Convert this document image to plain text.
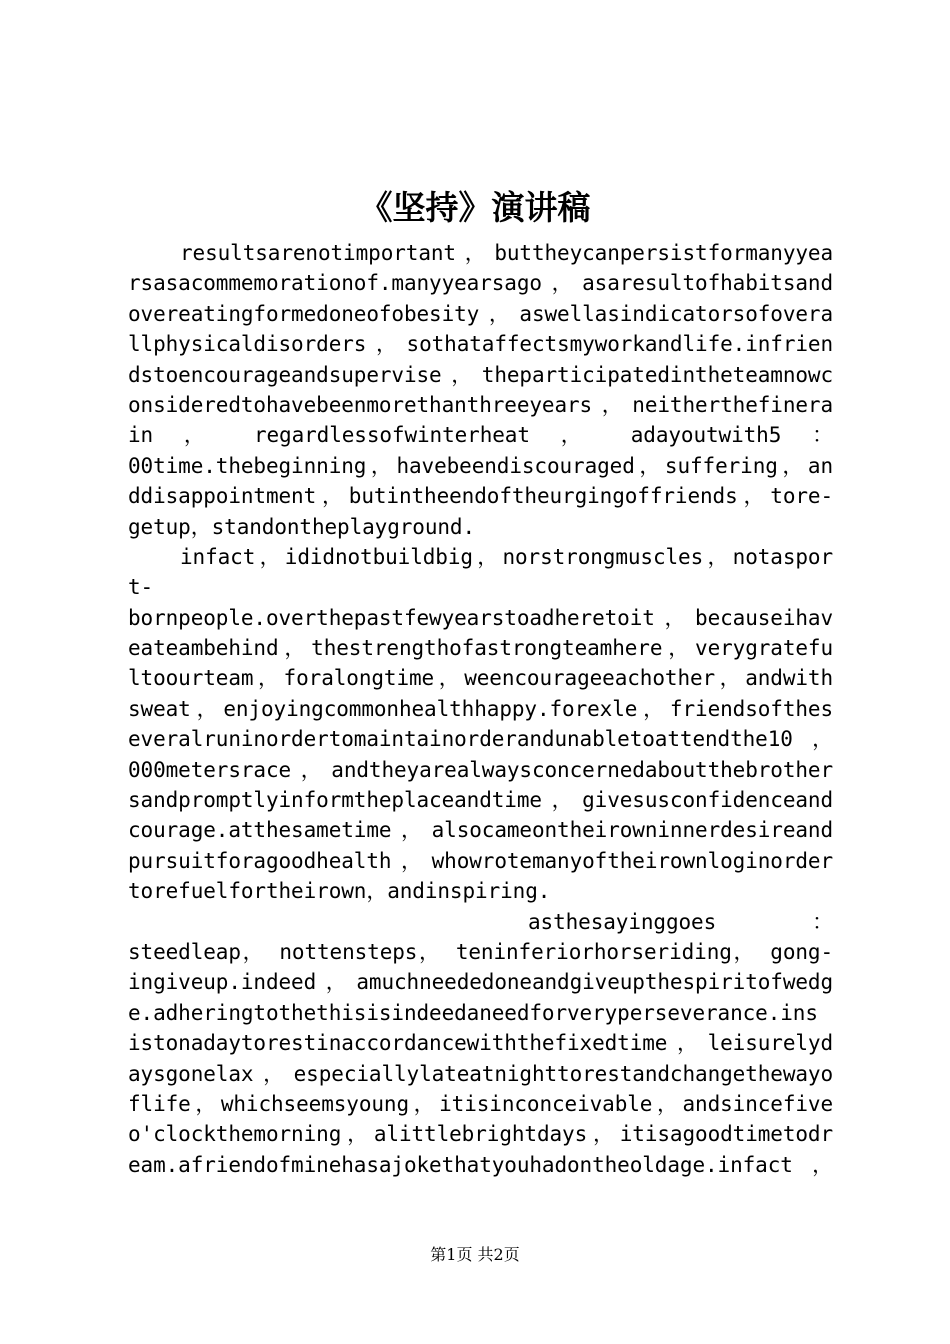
《坚持》演讲稿
resultsarenotimportant，buttheycanpersistformanyyea
rsasacommemorationof.manyyearsago，asaresultofhabitsand
overeatingformedoneofobesity，aswellasindicatorsofovera
llphysicaldisorders，sothataffectsmyworkandlife.infrien
dstoencourageandsupervise，theparticipatedintheteamnowc
onsideredtohavebeenmorethanthreeyears，neitherthefinera
in ， regardlessofwinterheat ， adayoutwith5 ：
00time.thebeginning，havebeendiscouraged，suffering，an
ddisappointment，butintheendoftheurgingoffriends，tore-
getup，standontheplayground.
infact，ididnotbuildbig，norstrongmuscles，notaspor
t-
bornpeople.overthepastfewyearstoadheretoit，becauseihav
eateambehind，thestrengthofastrongteamhere，verygratefu
ltoourteam，foralongtime，weencourageeachother，andwith
sweat，enjoyingcommonhealthhappy.forexle，friendsofthes
everalruninordertomaintainorderandunabletoattendthe10，
000metersrace，andtheyarealwaysconcernedaboutthebrother
sandpromptlyinformtheplaceandtime，givesusconfidenceand
courage.atthesametime，alsocameontheirowninnerdesireand
pursuitforagoodhealth，whowrotemanyoftheirownloginorder
torefuelfortheirown，andinspiring.
asthesayinggoes ：
steedleap， nottensteps， teninferiorhorseriding， gong-
ingiveup.indeed，amuchneededoneandgiveupthespiritofwedg
e.adheringtothethisisindeedaneedforveryperseverance.ins
istonadaytorestinaccordancewiththefixedtime，leisurelyd
aysgonelax，especiallylateatnighttorestandchangethewayo
flife，whichseemsyoung，itisinconceivable，andsincefive
o'clockthemorning，alittlebrightdays，itisagoodtimetodr
eam.afriendofminehasajokethatyouhadontheoldage.infact，
第1页 共2页
